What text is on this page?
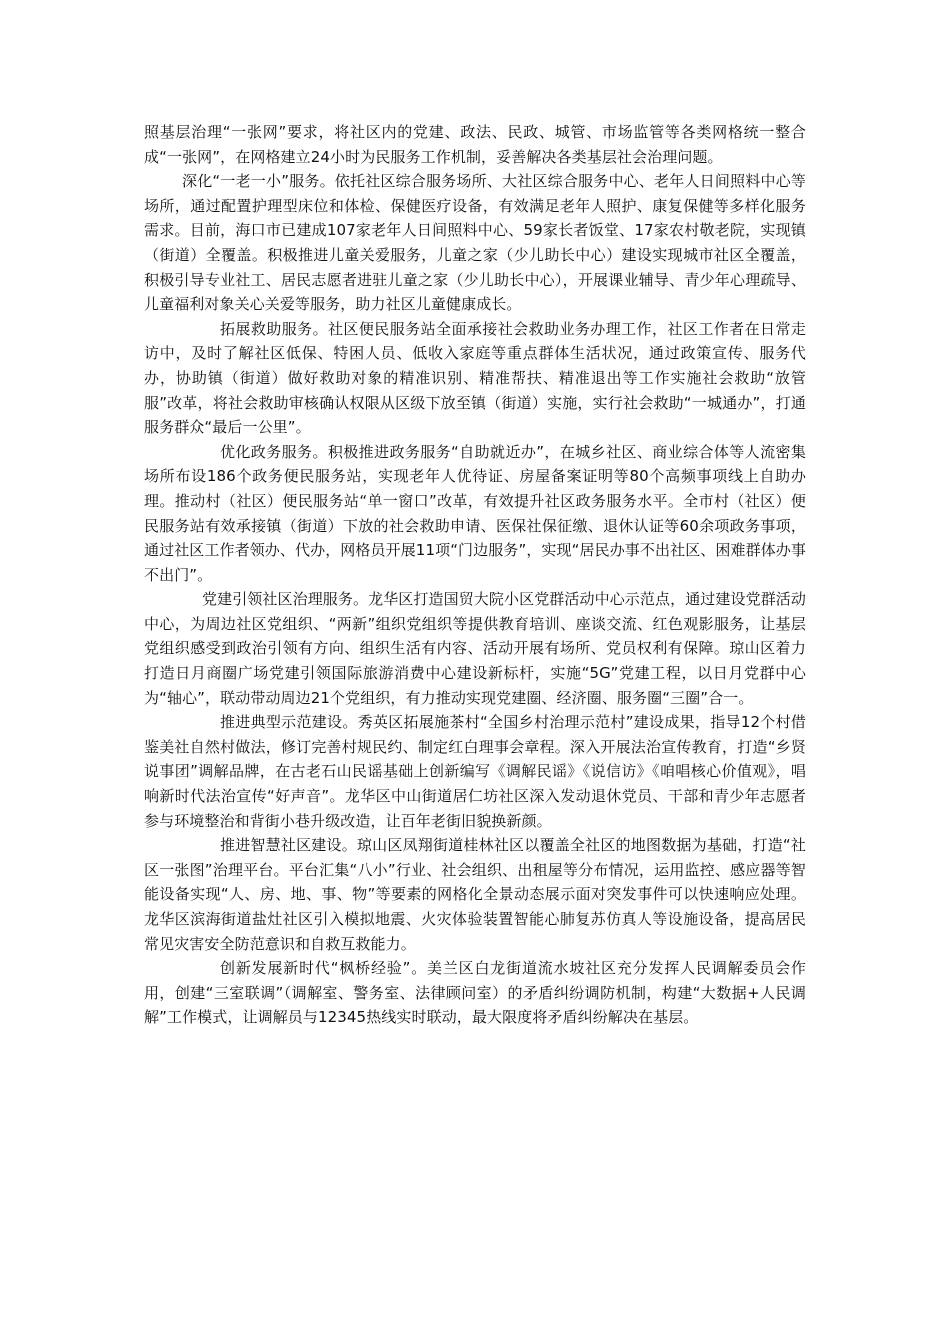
照基层治理“一张网”要求，将社区内的党建、政法、民政、城管、市场监管等各类网格统一整合成“一张网”，在网格建立24小时为民服务工作机制，妥善解决各类基层社会治理问题。

深化“一老一小”服务。依托社区综合服务场所、大社区综合服务中心、老年人日间照料中心等场所，通过配置护理型床位和体检、保健医疗设备，有效满足老年人照护、康复保健等多样化服务需求。目前，海口市已建成107家老年人日间照料中心、59家长者饭堂、17家农村敬老院，实现镇（街道）全覆盖。积极推进儿童关爱服务，儿童之家（少儿助长中心）建设实现城市社区全覆盖，积极引导专业社工、居民志愿者进驻儿童之家（少儿助长中心），开展课业辅导、青少年心理疏导、儿童福利对象关心关爱等服务，助力社区儿童健康成长。

拓展救助服务。社区便民服务站全面承接社会救助业务办理工作，社区工作者在日常走访中，及时了解社区低保、特困人员、低收入家庭等重点群体生活状况，通过政策宣传、服务代办，协助镇（街道）做好救助对象的精准识别、精准帮扶、精准退出等工作实施社会救助“放管服”改革，将社会救助审核确认权限从区级下放至镇（街道）实施，实行社会救助“一城通办”，打通服务群众“最后一公里”。

优化政务服务。积极推进政务服务“自助就近办”，在城乡社区、商业综合体等人流密集场所布设186个政务便民服务站，实现老年人优待证、房屋备案证明等80个高频事项线上自助办理。推动村（社区）便民服务站“单一窗口”改革，有效提升社区政务服务水平。全市村（社区）便民服务站有效承接镇（街道）下放的社会救助申请、医保社保征缴、退休认证等60余项政务事项，通过社区工作者领办、代办，网格员开展11项“门边服务”，实现“居民办事不出社区、困难群体办事不出门”。

党建引领社区治理服务。龙华区打造国贸大院小区党群活动中心示范点，通过建设党群活动中心，为周边社区党组织、“两新”组织党组织等提供教育培训、座谈交流、红色观影服务，让基层党组织感受到政治引领有方向、组织生活有内容、活动开展有场所、党员权利有保障。琼山区着力打造日月商圈广场党建引领国际旅游消费中心建设新标杆，实施“5G”党建工程，以日月党群中心为“轴心”，联动带动周边21个党组织，有力推动实现党建圈、经济圈、服务圈“三圈”合一。

推进典型示范建设。秀英区拓展施茶村“全国乡村治理示范村”建设成果，指导12个村借鉴美社自然村做法，修订完善村规民约、制定红白理事会章程。深入开展法治宣传教育，打造“乡贤说事团”调解品牌，在古老石山民谣基础上创新编写《调解民谣》《说信访》《咱唱核心价值观》，唱响新时代法治宣传“好声音”。龙华区中山街道居仁坊社区深入发动退休党员、干部和青少年志愿者参与环境整治和背街小巷升级改造，让百年老街旧貌换新颜。

推进智慧社区建设。琼山区凤翔街道桂林社区以覆盖全社区的地图数据为基础，打造“社区一张图”治理平台。平台汇集“八小”行业、社会组织、出租屋等分布情况，运用监控、感应器等智能设备实现“人、房、地、事、物”等要素的网格化全景动态展示面对突发事件可以快速响应处理。龙华区滨海街道盐灶社区引入模拟地震、火灾体验装置智能心肺复苏仿真人等设施设备，提高居民常见灾害安全防范意识和自救互救能力。

创新发展新时代“枫桥经验”。美兰区白龙街道流水坡社区充分发挥人民调解委员会作用，创建“三室联调”（调解室、警务室、法律顾问室）的矛盾纠纷调防机制，构建“大数据+人民调解”工作模式，让调解员与12345热线实时联动，最大限度将矛盾纠纷解决在基层。
